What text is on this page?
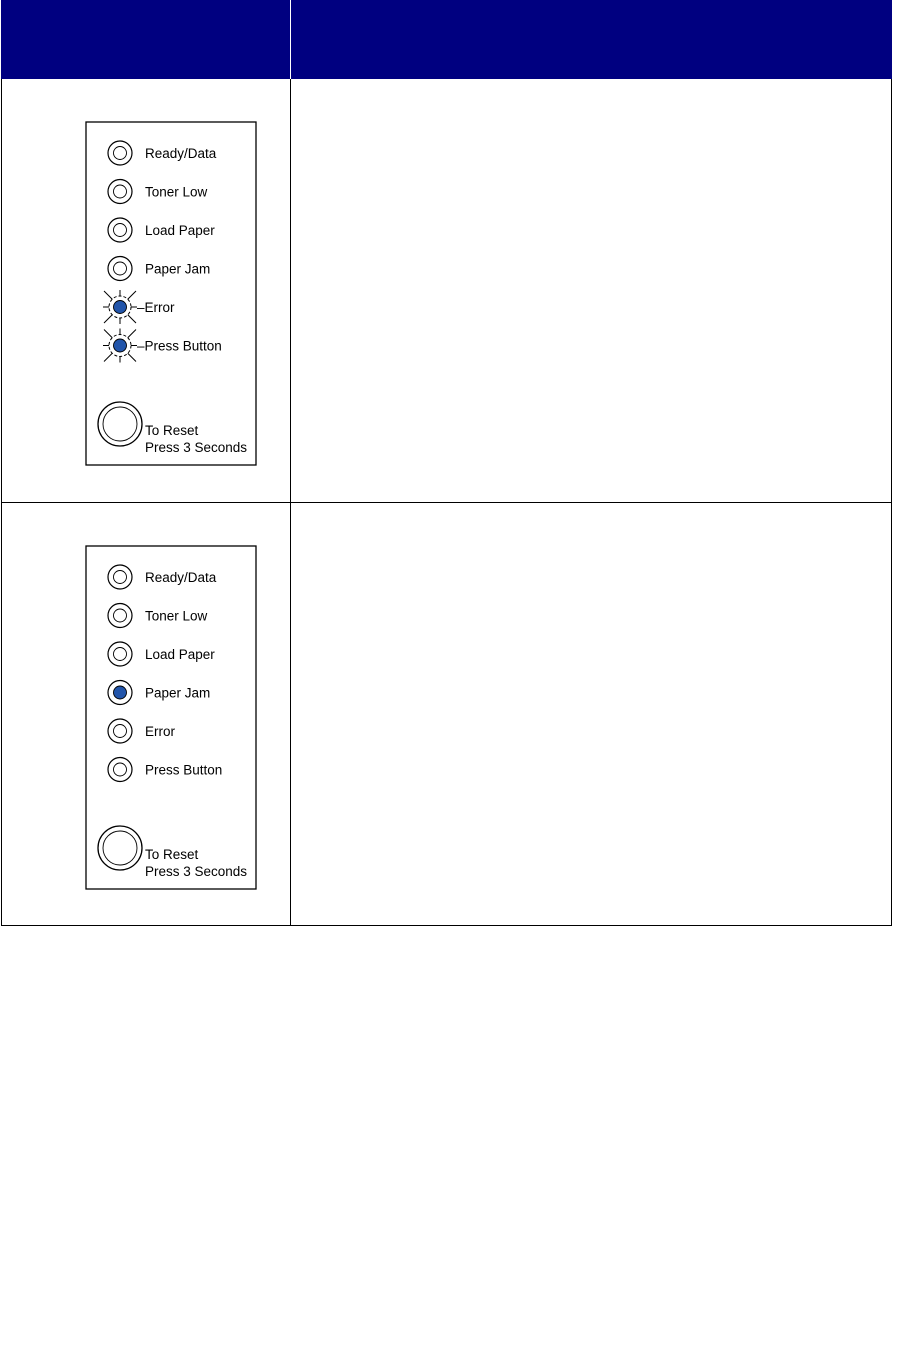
Ready/Data
Toner Low
Load Paper
Paper Jam
–Error
–Press Button
To Reset
Press 3 Seconds
Ready/Data
Toner Low
Load Paper
Paper Jam
Error
Press Button
To Reset
Press 3 Seconds
